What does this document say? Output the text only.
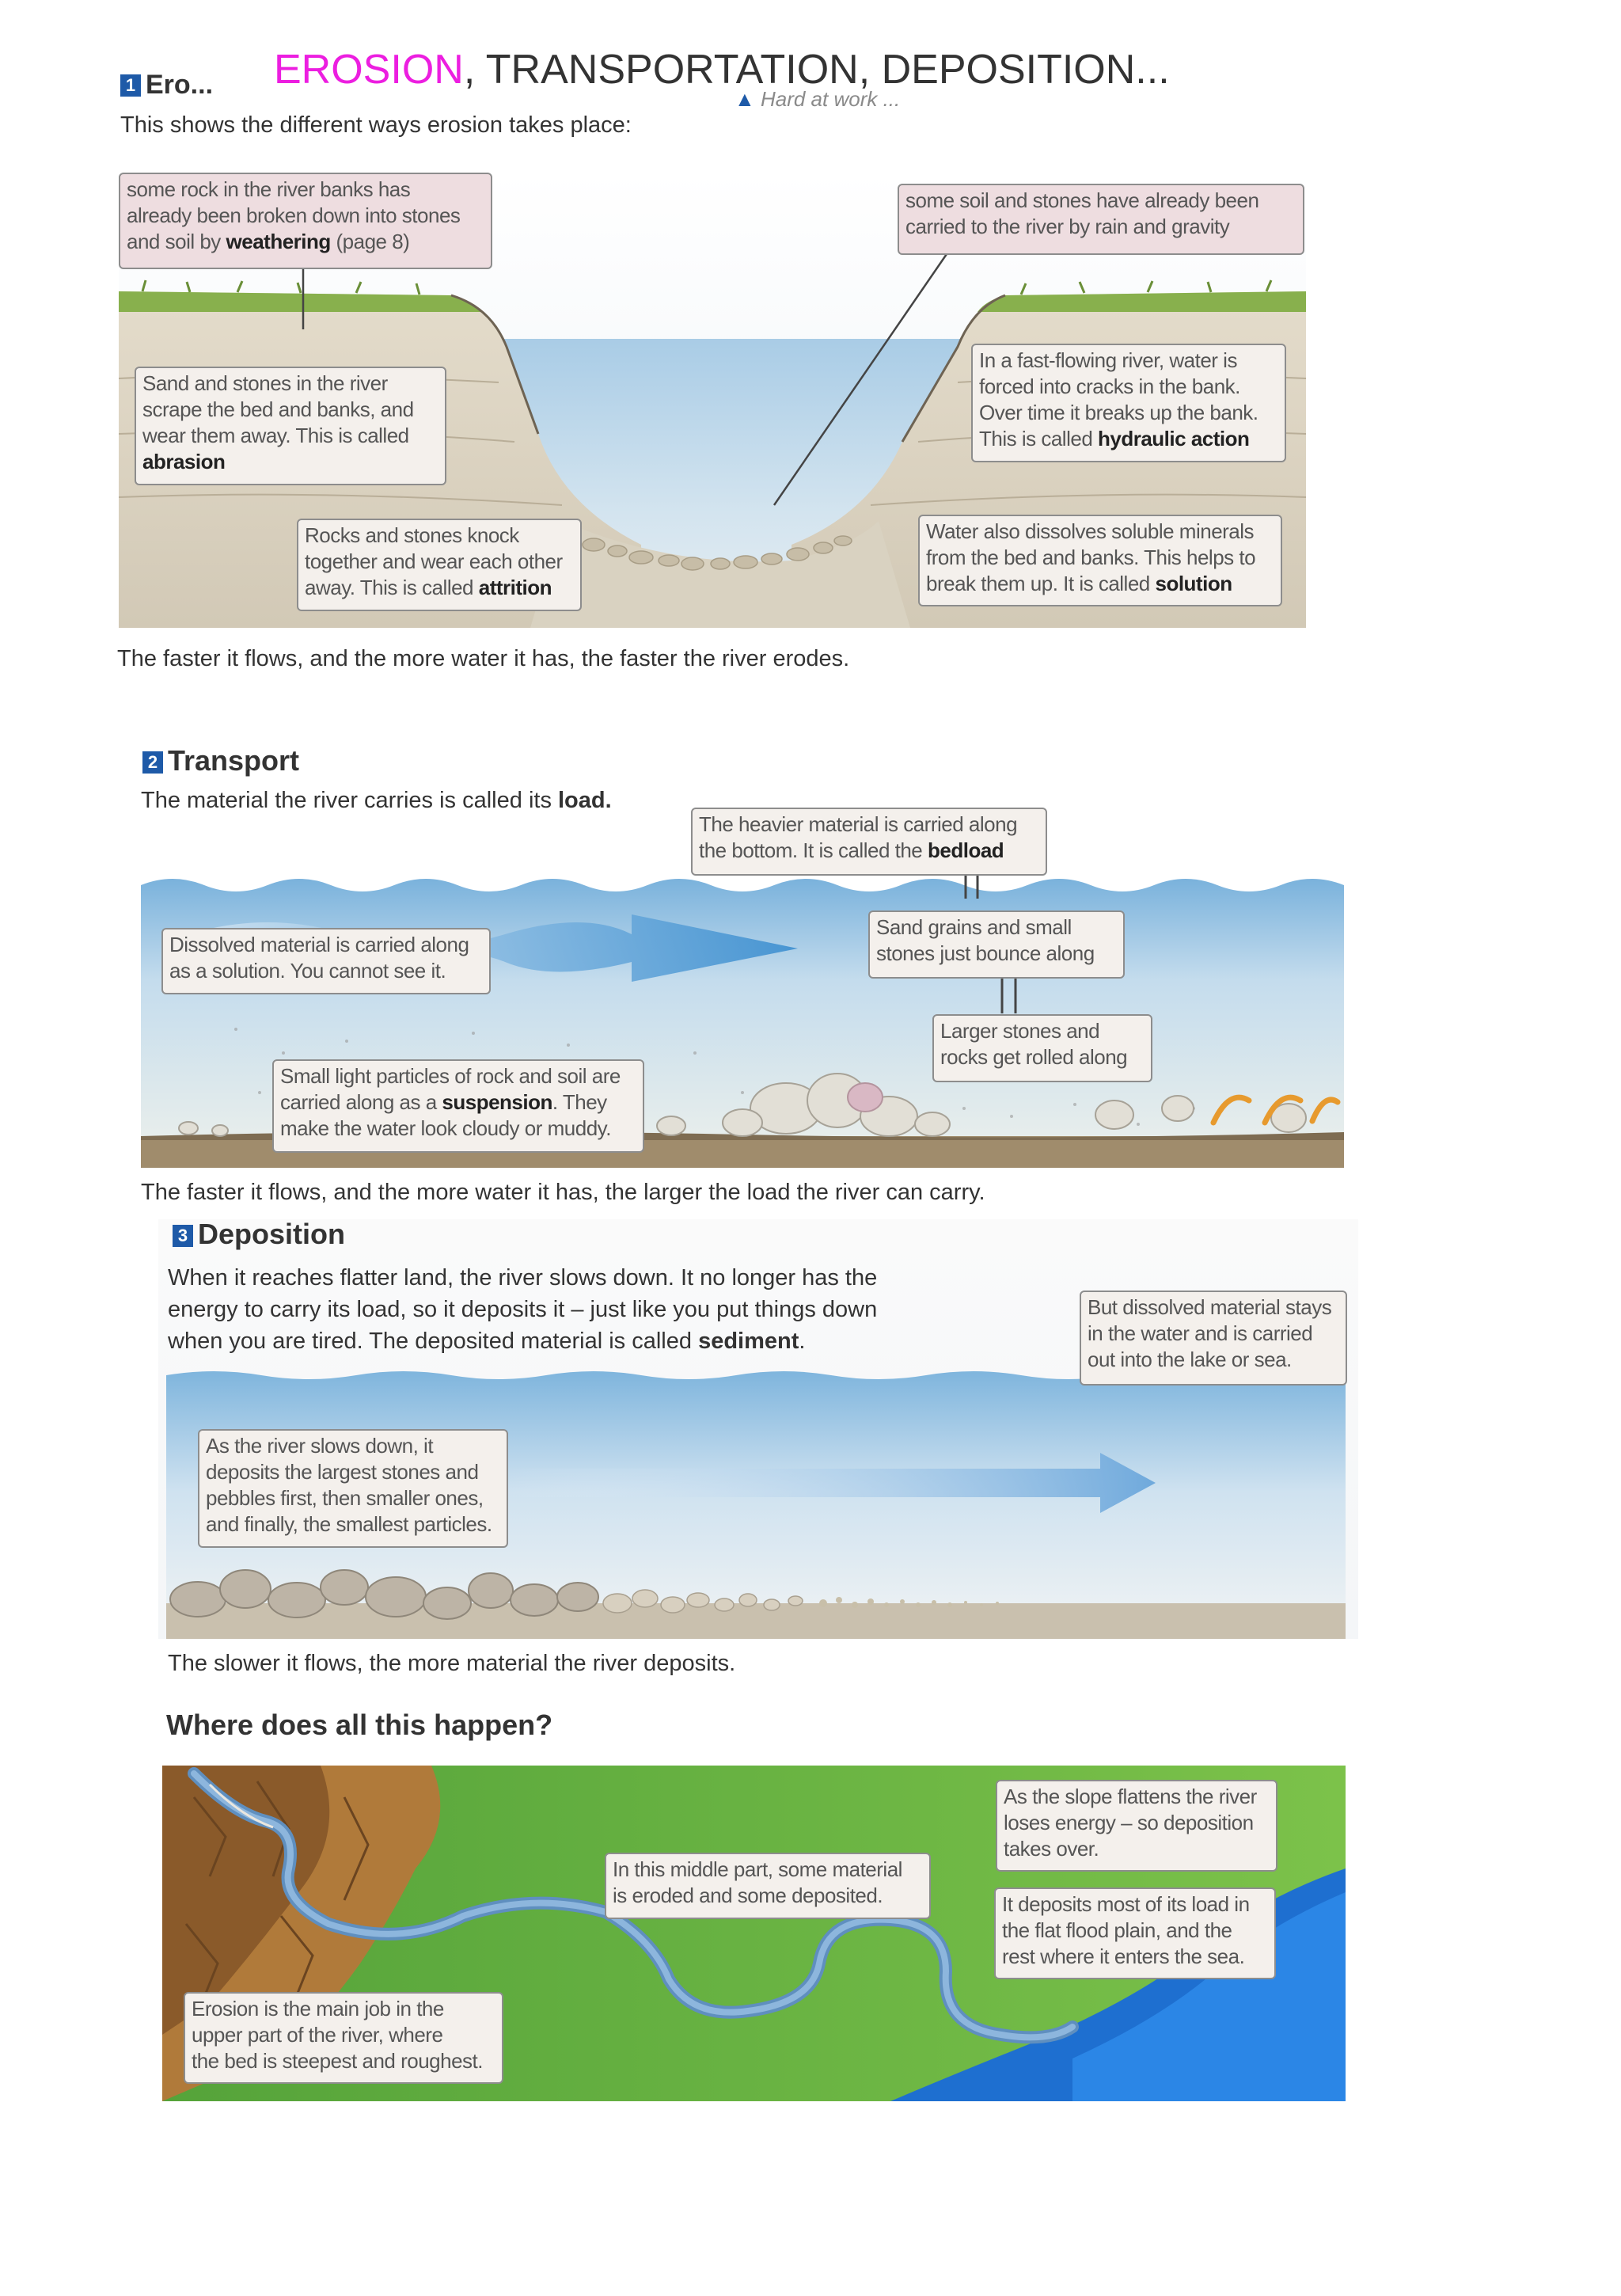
1 Ero... EROSION, TRANSPORTATION, DEPOSITION...
▲ Hard at work ...
This shows the different ways erosion takes place:
some rock in the river banks has
already been broken down into stones
and soil by weathering (page 8)
some soil and stones have already been
carried to the river by rain and gravity
Sand and stones in the river
scrape the bed and banks, and
wear them away. This is called
abrasion
In a fast-flowing river, water is
forced into cracks in the bank.
Over time it breaks up the bank.
This is called hydraulic action
Rocks and stones knock
together and wear each other
away. This is called attrition
Water also dissolves soluble minerals
from the bed and banks. This helps to
break them up. It is called solution
The faster it flows, and the more water it has, the faster the river erodes.
2 Transport
The material the river carries is called its load.
The heavier material is carried along
the bottom. It is called the bedload
Dissolved material is carried along
as a solution. You cannot see it.
Sand grains and small
stones just bounce along
Larger stones and
rocks get rolled along
Small light particles of rock and soil are
carried along as a suspension. They
make the water look cloudy or muddy.
The faster it flows, and the more water it has, the larger the load the river can carry.
3 Deposition
When it reaches flatter land, the river slows down. It no longer has the
energy to carry its load, so it deposits it – just like you put things down
when you are tired. The deposited material is called sediment.
But dissolved material stays
in the water and is carried
out into the lake or sea.
As the river slows down, it
deposits the largest stones and
pebbles first, then smaller ones,
and finally, the smallest particles.
The slower it flows, the more material the river deposits.
Where does all this happen?
As the slope flattens the river
loses energy – so deposition
takes over.
In this middle part, some material
is eroded and some deposited.	It deposits most of its load in
the flat flood plain, and the
rest where it enters the sea.
Erosion is the main job in the
upper part of the river, where
the bed is steepest and roughest.
